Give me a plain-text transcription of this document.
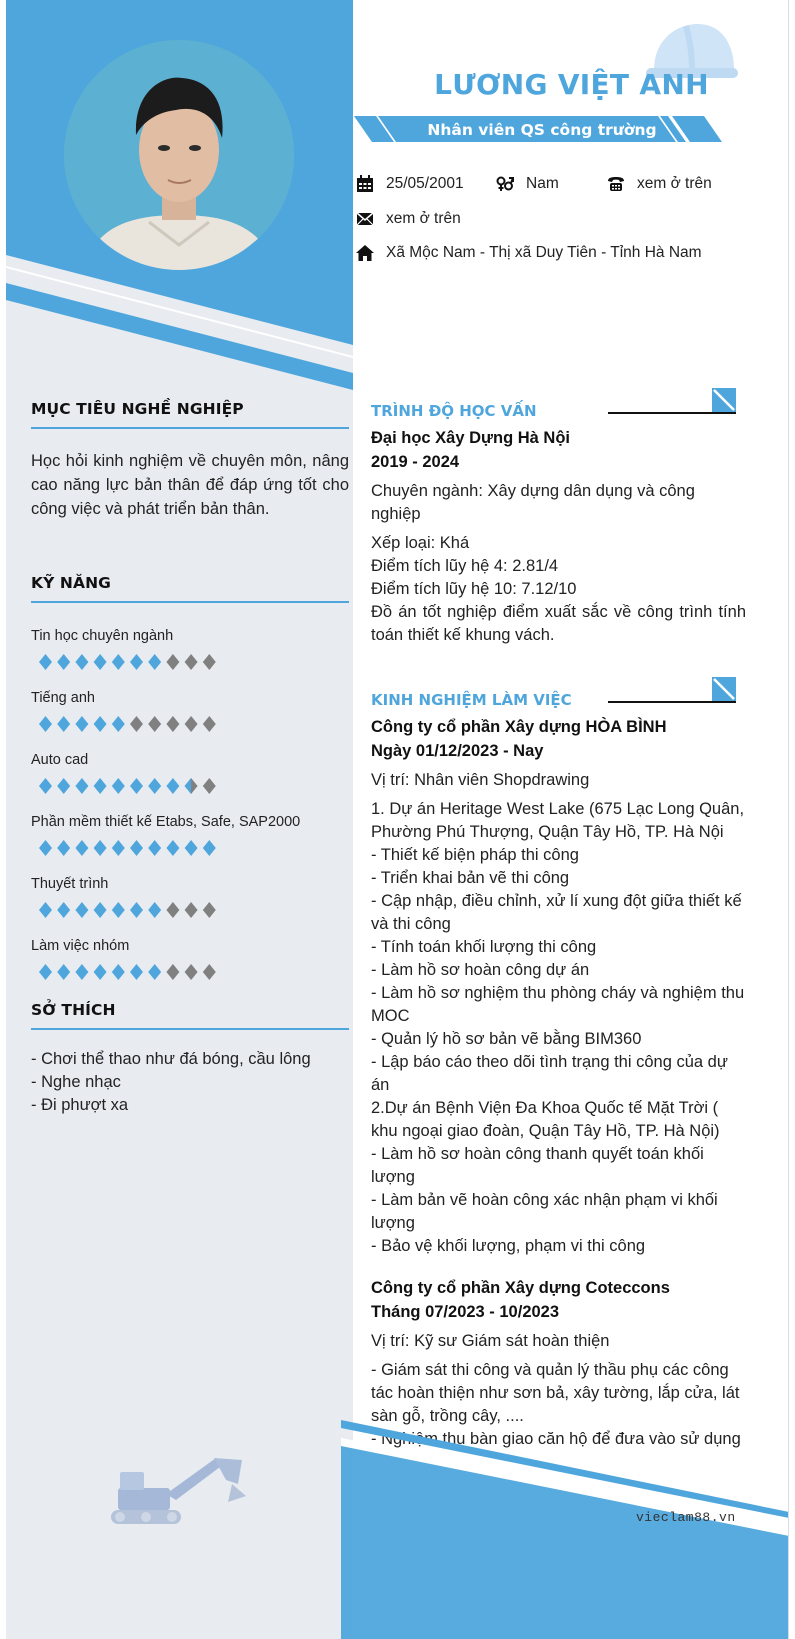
MỤC TIÊU NGHỀ NGHIỆP
Học hỏi kinh nghiệm về chuyên môn, nâng cao năng lực bản thân để đáp ứng tốt cho công việc và phát triển bản thân.
KỸ NĂNG
Tin học chuyên ngành
Tiếng anh
Auto cad
Phần mềm thiết kế Etabs, Safe, SAP2000
Thuyết trình
Làm việc nhóm
SỞ THÍCH
- Chơi thể thao như đá bóng, cầu lông
- Nghe nhạc
- Đi phượt xa
LƯƠNG VIỆT ANH
Nhân viên QS công trường
25/05/2001	Nam	xem ở trên
xem ở trên
Xã Mộc Nam - Thị xã Duy Tiên - Tỉnh Hà Nam
TRÌNH ĐỘ HỌC VẤN
Đại học Xây Dựng Hà Nội
2019 - 2024
Chuyên ngành: Xây dựng dân dụng và công nghiệp
Xếp loại: Khá
Điểm tích lũy hệ 4: 2.81/4
Điểm tích lũy hệ 10: 7.12/10
Đồ án tốt nghiệp điểm xuất sắc về công trình tính toán thiết kế khung vách.
KINH NGHIỆM LÀM VIỆC
Công ty cổ phần Xây dựng HÒA BÌNH
Ngày 01/12/2023 - Nay
Vị trí: Nhân viên Shopdrawing
1. Dự án Heritage West Lake (675 Lạc Long Quân, Phường Phú Thượng, Quận Tây Hồ, TP. Hà Nội
- Thiết kế biện pháp thi công
- Triển khai bản vẽ thi công
- Cập nhập, điều chỉnh, xử lí xung đột giữa thiết kế và thi công
- Tính toán khối lượng thi công
- Làm hồ sơ hoàn công dự án
- Làm hồ sơ nghiệm thu phòng cháy và nghiệm thu MOC
- Quản lý hồ sơ bản vẽ bằng BIM360
- Lập báo cáo theo dõi tình trạng thi công của dự án
2.Dự án Bệnh Viện Đa Khoa Quốc tế Mặt Trời ( khu ngoại giao đoàn, Quận Tây Hồ, TP. Hà Nội)
- Làm hồ sơ hoàn công thanh quyết toán khối lượng
- Làm bản vẽ hoàn công xác nhận phạm vi khối lượng
- Bảo vệ khối lượng, phạm vi thi công
Công ty cổ phần Xây dựng Coteccons
Tháng 07/2023 - 10/2023
Vị trí: Kỹ sư Giám sát hoàn thiện
- Giám sát thi công và quản lý thầu phụ các công tác hoàn thiện như sơn bả, xây tường, lắp cửa, lát sàn gỗ, trồng cây, ....
- Nghiệm thu bàn giao căn hộ để đưa vào sử dụng
vieclam88.vn
